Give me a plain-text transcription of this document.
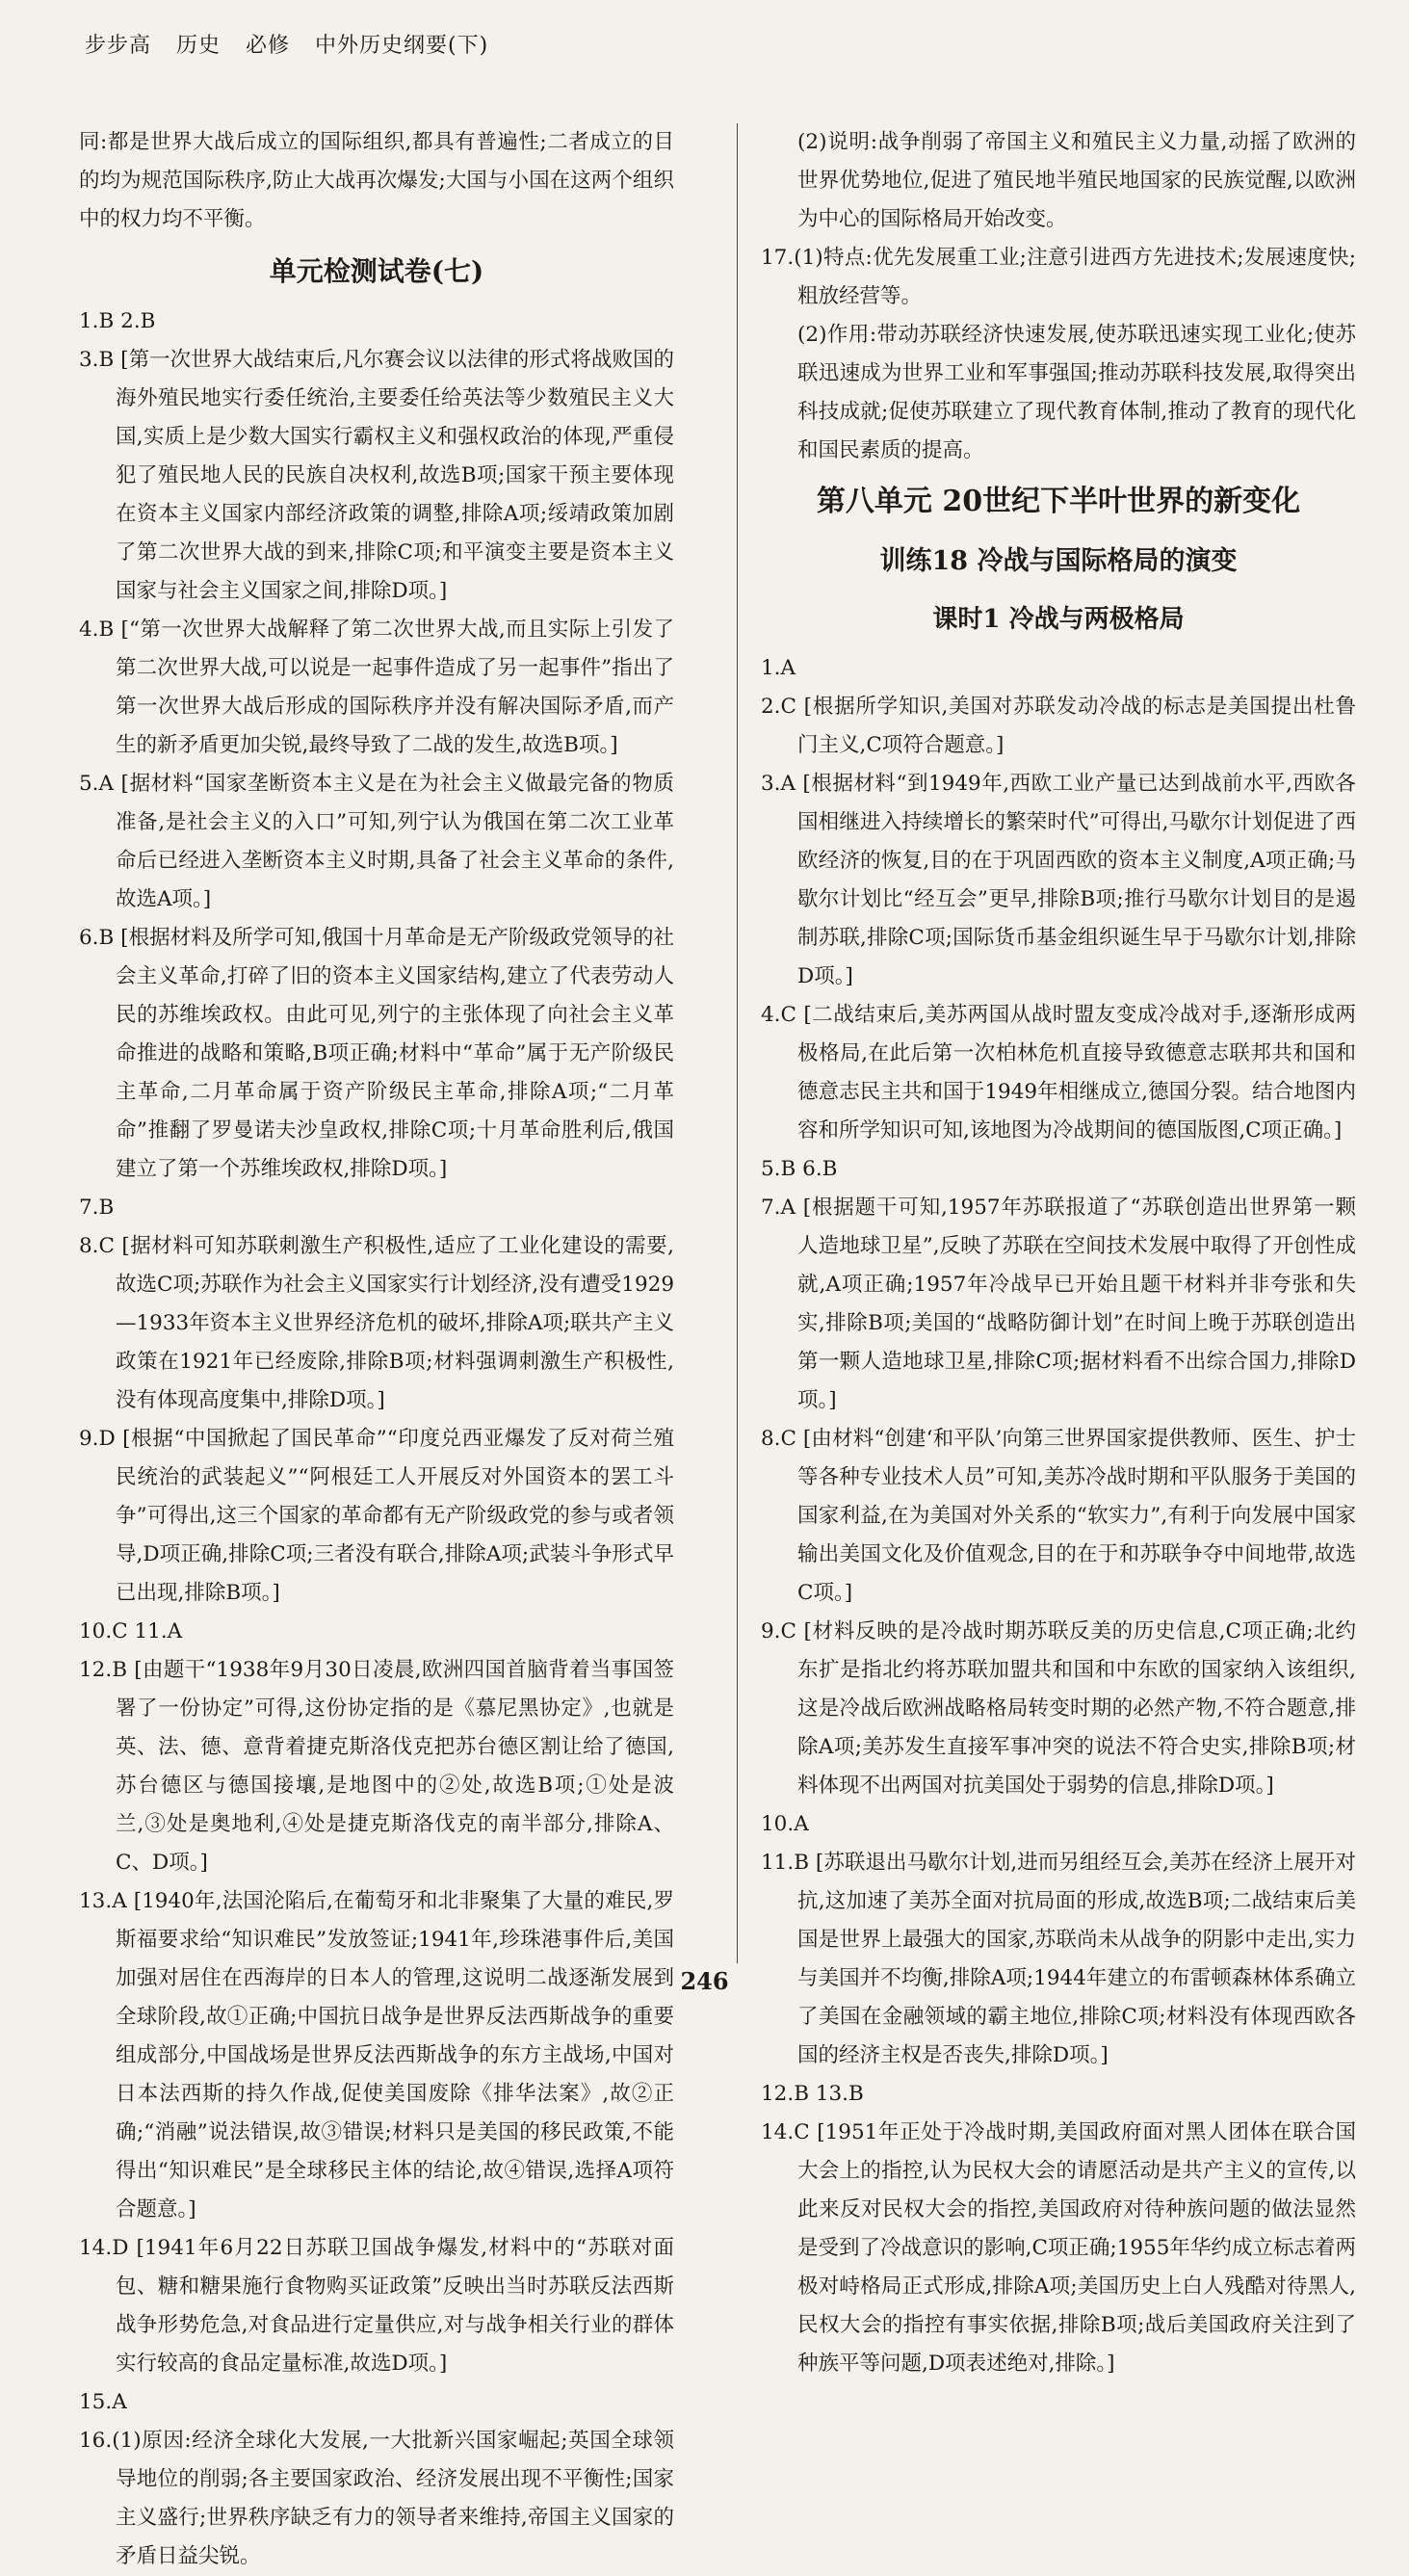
步步高 历史 必修 中外历史纲要(下)

同:都是世界大战后成立的国际组织,都具有普遍性;二者成立的目的均为规范国际秩序,防止大战再次爆发;大国与小国在这两个组织中的权力均不平衡。

单元检测试卷(七)

1.B 2.B

3.B [第一次世界大战结束后,凡尔赛会议以法律的形式将战败国的海外殖民地实行委任统治,主要委任给英法等少数殖民主义大国,实质上是少数大国实行霸权主义和强权政治的体现,严重侵犯了殖民地人民的民族自决权利,故选B项;国家干预主要体现在资本主义国家内部经济政策的调整,排除A项;绥靖政策加剧了第二次世界大战的到来,排除C项;和平演变主要是资本主义国家与社会主义国家之间,排除D项。]

4.B [“第一次世界大战解释了第二次世界大战,而且实际上引发了第二次世界大战,可以说是一起事件造成了另一起事件”指出了第一次世界大战后形成的国际秩序并没有解决国际矛盾,而产生的新矛盾更加尖锐,最终导致了二战的发生,故选B项。]

5.A [据材料“国家垄断资本主义是在为社会主义做最完备的物质准备,是社会主义的入口”可知,列宁认为俄国在第二次工业革命后已经进入垄断资本主义时期,具备了社会主义革命的条件,故选A项。]

6.B [根据材料及所学可知,俄国十月革命是无产阶级政党领导的社会主义革命,打碎了旧的资本主义国家结构,建立了代表劳动人民的苏维埃政权。由此可见,列宁的主张体现了向社会主义革命推进的战略和策略,B项正确;材料中“革命”属于无产阶级民主革命,二月革命属于资产阶级民主革命,排除A项;“二月革命”推翻了罗曼诺夫沙皇政权,排除C项;十月革命胜利后,俄国建立了第一个苏维埃政权,排除D项。]

7.B

8.C [据材料可知苏联刺激生产积极性,适应了工业化建设的需要,故选C项;苏联作为社会主义国家实行计划经济,没有遭受1929—1933年资本主义世界经济危机的破坏,排除A项;联共产主义政策在1921年已经废除,排除B项;材料强调刺激生产积极性,没有体现高度集中,排除D项。]

9.D [根据“中国掀起了国民革命”“印度兑西亚爆发了反对荷兰殖民统治的武装起义”“阿根廷工人开展反对外国资本的罢工斗争”可得出,这三个国家的革命都有无产阶级政党的参与或者领导,D项正确,排除C项;三者没有联合,排除A项;武装斗争形式早已出现,排除B项。]

10.C 11.A

12.B [由题干“1938年9月30日凌晨,欧洲四国首脑背着当事国签署了一份协定”可得,这份协定指的是《慕尼黑协定》,也就是英、法、德、意背着捷克斯洛伐克把苏台德区割让给了德国,苏台德区与德国接壤,是地图中的②处,故选B项;①处是波兰,③处是奥地利,④处是捷克斯洛伐克的南半部分,排除A、C、D项。]

13.A [1940年,法国沦陷后,在葡萄牙和北非聚集了大量的难民,罗斯福要求给“知识难民”发放签证;1941年,珍珠港事件后,美国加强对居住在西海岸的日本人的管理,这说明二战逐渐发展到全球阶段,故①正确;中国抗日战争是世界反法西斯战争的重要组成部分,中国战场是世界反法西斯战争的东方主战场,中国对日本法西斯的持久作战,促使美国废除《排华法案》,故②正确;“消融”说法错误,故③错误;材料只是美国的移民政策,不能得出“知识难民”是全球移民主体的结论,故④错误,选择A项符合题意。]

14.D [1941年6月22日苏联卫国战争爆发,材料中的“苏联对面包、糖和糖果施行食物购买证政策”反映出当时苏联反法西斯战争形势危急,对食品进行定量供应,对与战争相关行业的群体实行较高的食品定量标准,故选D项。]

15.A

16.(1)原因:经济全球化大发展,一大批新兴国家崛起;英国全球领导地位的削弱;各主要国家政治、经济发展出现不平衡性;国家主义盛行;世界秩序缺乏有力的领导者来维持,帝国主义国家的矛盾日益尖锐。

(2)说明:战争削弱了帝国主义和殖民主义力量,动摇了欧洲的世界优势地位,促进了殖民地半殖民地国家的民族觉醒,以欧洲为中心的国际格局开始改变。

17.(1)特点:优先发展重工业;注意引进西方先进技术;发展速度快;粗放经营等。

(2)作用:带动苏联经济快速发展,使苏联迅速实现工业化;使苏联迅速成为世界工业和军事强国;推动苏联科技发展,取得突出科技成就;促使苏联建立了现代教育体制,推动了教育的现代化和国民素质的提高。

第八单元 20世纪下半叶世界的新变化
训练18 冷战与国际格局的演变
课时1 冷战与两极格局

1.A

2.C [根据所学知识,美国对苏联发动冷战的标志是美国提出杜鲁门主义,C项符合题意。]

3.A [根据材料“到1949年,西欧工业产量已达到战前水平,西欧各国相继进入持续增长的繁荣时代”可得出,马歇尔计划促进了西欧经济的恢复,目的在于巩固西欧的资本主义制度,A项正确;马歇尔计划比“经互会”更早,排除B项;推行马歇尔计划目的是遏制苏联,排除C项;国际货币基金组织诞生早于马歇尔计划,排除D项。]

4.C [二战结束后,美苏两国从战时盟友变成冷战对手,逐渐形成两极格局,在此后第一次柏林危机直接导致德意志联邦共和国和德意志民主共和国于1949年相继成立,德国分裂。结合地图内容和所学知识可知,该地图为冷战期间的德国版图,C项正确。]

5.B 6.B

7.A [根据题干可知,1957年苏联报道了“苏联创造出世界第一颗人造地球卫星”,反映了苏联在空间技术发展中取得了开创性成就,A项正确;1957年冷战早已开始且题干材料并非夸张和失实,排除B项;美国的“战略防御计划”在时间上晚于苏联创造出第一颗人造地球卫星,排除C项;据材料看不出综合国力,排除D项。]

8.C [由材料“创建‘和平队’向第三世界国家提供教师、医生、护士等各种专业技术人员”可知,美苏冷战时期和平队服务于美国的国家利益,在为美国对外关系的“软实力”,有利于向发展中国家输出美国文化及价值观念,目的在于和苏联争夺中间地带,故选C项。]

9.C [材料反映的是冷战时期苏联反美的历史信息,C项正确;北约东扩是指北约将苏联加盟共和国和中东欧的国家纳入该组织,这是冷战后欧洲战略格局转变时期的必然产物,不符合题意,排除A项;美苏发生直接军事冲突的说法不符合史实,排除B项;材料体现不出两国对抗美国处于弱势的信息,排除D项。]

10.A

11.B [苏联退出马歇尔计划,进而另组经互会,美苏在经济上展开对抗,这加速了美苏全面对抗局面的形成,故选B项;二战结束后美国是世界上最强大的国家,苏联尚未从战争的阴影中走出,实力与美国并不均衡,排除A项;1944年建立的布雷顿森林体系确立了美国在金融领域的霸主地位,排除C项;材料没有体现西欧各国的经济主权是否丧失,排除D项。]

12.B 13.B

14.C [1951年正处于冷战时期,美国政府面对黑人团体在联合国大会上的指控,认为民权大会的请愿活动是共产主义的宣传,以此来反对民权大会的指控,美国政府对待种族问题的做法显然是受到了冷战意识的影响,C项正确;1955年华约成立标志着两极对峙格局正式形成,排除A项;美国历史上白人残酷对待黑人,民权大会的指控有事实依据,排除B项;战后美国政府关注到了种族平等问题,D项表述绝对,排除。]

246
